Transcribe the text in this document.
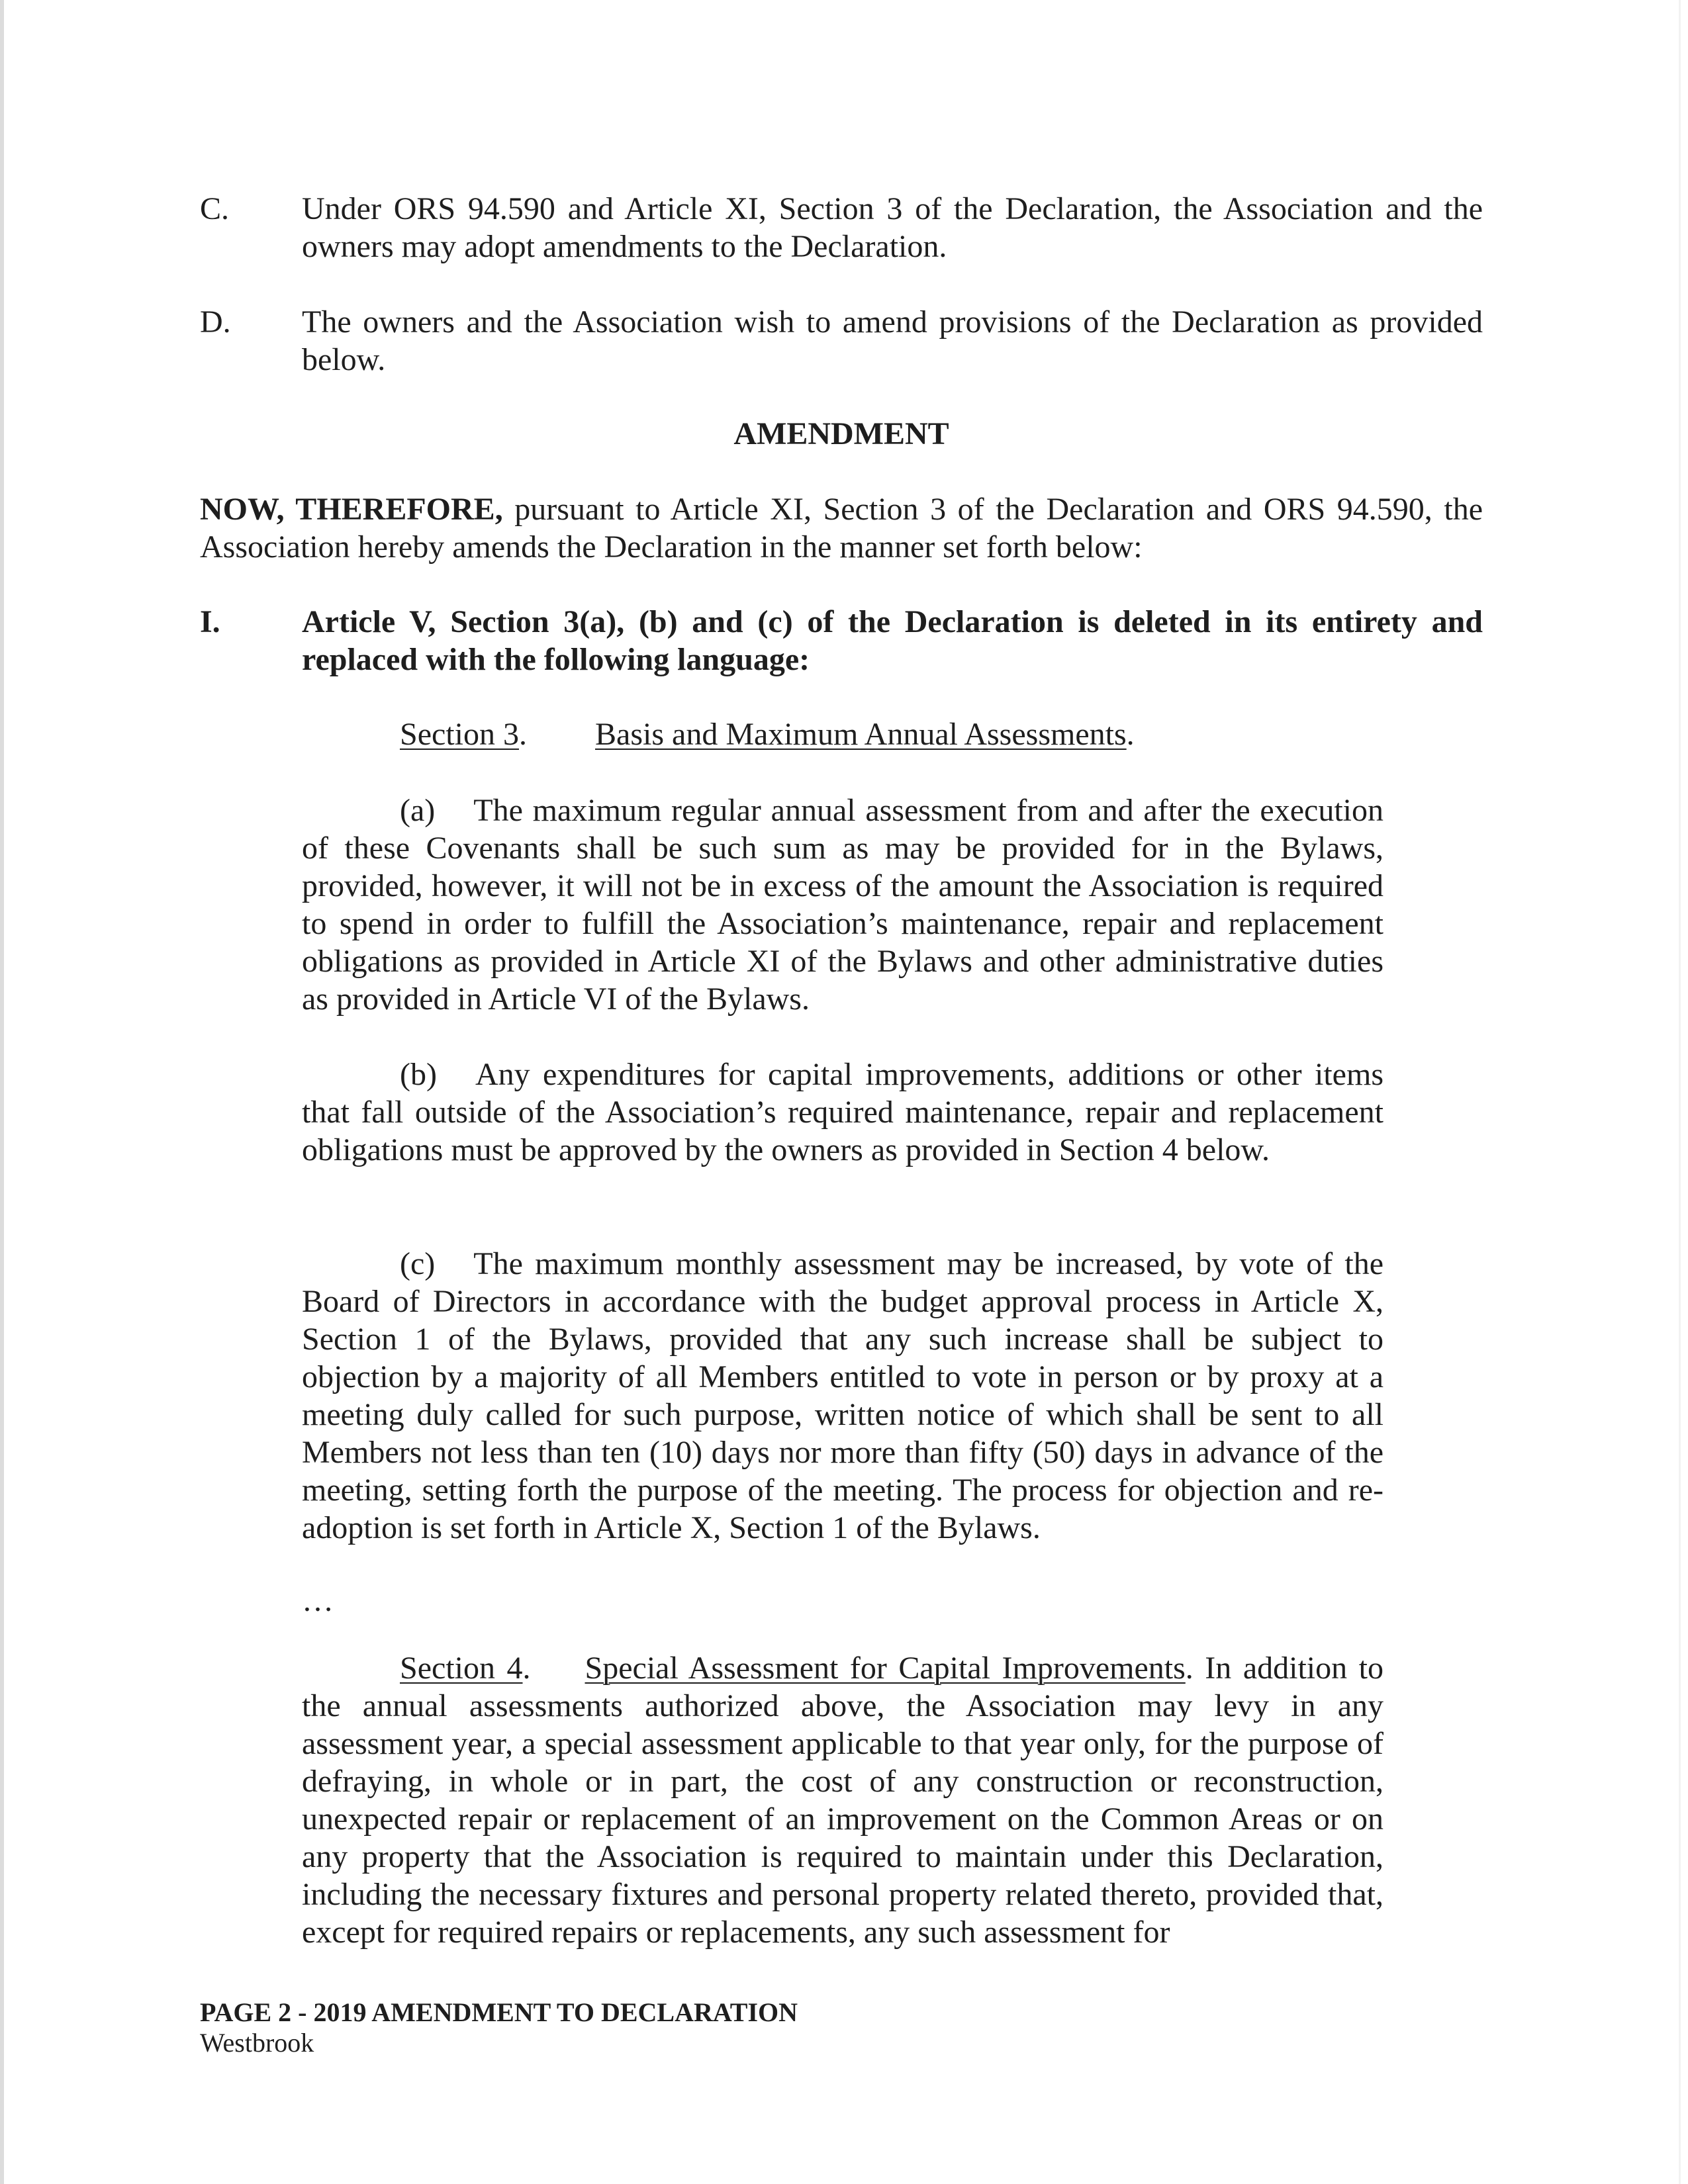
C. Under ORS 94.590 and Article XI, Section 3 of the Declaration, the Association and the owners may adopt amendments to the Declaration.
D. The owners and the Association wish to amend provisions of the Declaration as provided below.
AMENDMENT
NOW, THEREFORE, pursuant to Article XI, Section 3 of the Declaration and ORS 94.590, the Association hereby amends the Declaration in the manner set forth below:
I.	Article V, Section 3(a), (b) and (c) of the Declaration is deleted in its entirety and replaced with the following language:
Section 3. Basis and Maximum Annual Assessments.
(a) The maximum regular annual assessment from and after the execution of these Covenants shall be such sum as may be provided for in the Bylaws, provided, however, it will not be in excess of the amount the Association is required to spend in order to fulfill the Association’s maintenance, repair and replacement obligations as provided in Article XI of the Bylaws and other administrative duties as provided in Article VI of the Bylaws.
(b) Any expenditures for capital improvements, additions or other items that fall outside of the Association’s required maintenance, repair and replacement obligations must be approved by the owners as provided in Section 4 below.
(c) The maximum monthly assessment may be increased, by vote of the Board of Directors in accordance with the budget approval process in Article X, Section 1 of the Bylaws, provided that any such increase shall be subject to objection by a majority of all Members entitled to vote in person or by proxy at a meeting duly called for such purpose, written notice of which shall be sent to all Members not less than ten (10) days nor more than fifty (50) days in advance of the meeting, setting forth the purpose of the meeting. The process for objection and re-adoption is set forth in Article X, Section 1 of the Bylaws.
…
Section 4. Special Assessment for Capital Improvements. In addition to the annual assessments authorized above, the Association may levy in any assessment year, a special assessment applicable to that year only, for the purpose of defraying, in whole or in part, the cost of any construction or reconstruction, unexpected repair or replacement of an improvement on the Common Areas or on any property that the Association is required to maintain under this Declaration, including the necessary fixtures and personal property related thereto, provided that, except for required repairs or replacements, any such assessment for
PAGE 2 - 2019 AMENDMENT TO DECLARATION
Westbrook
